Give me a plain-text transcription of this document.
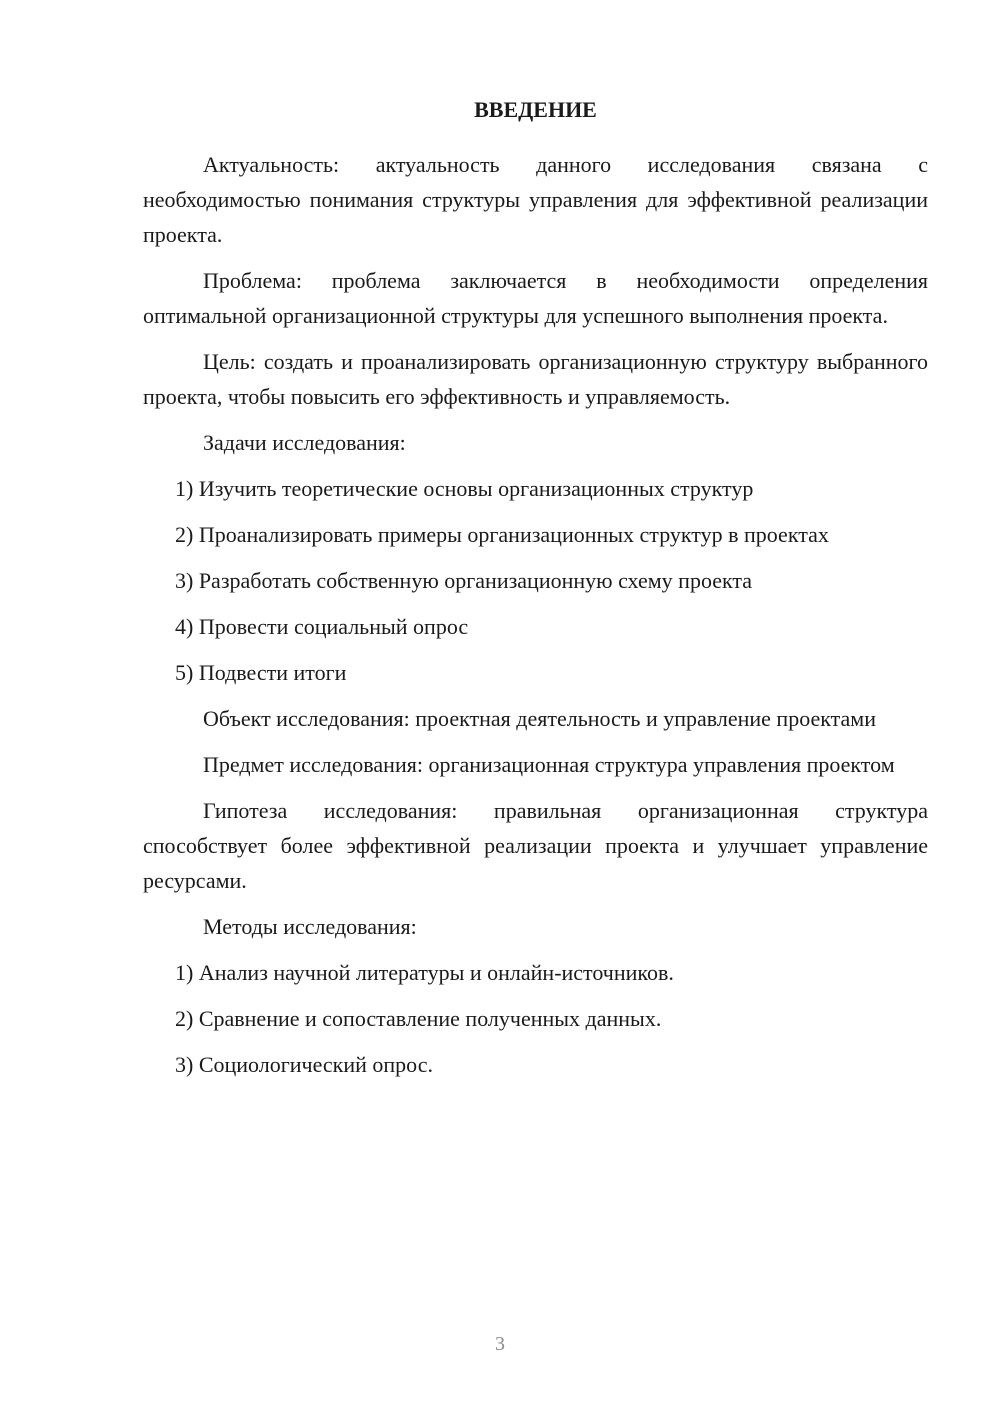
ВВЕДЕНИЕ
Актуальность: актуальность данного исследования связана с необходимостью понимания структуры управления для эффективной реализации проекта.
Проблема: проблема заключается в необходимости определения оптимальной организационной структуры для успешного выполнения проекта.
Цель: создать и проанализировать организационную структуру выбранного проекта, чтобы повысить его эффективность и управляемость.
Задачи исследования:
1) Изучить теоретические основы организационных структур
2) Проанализировать примеры организационных структур в проектах
3) Разработать собственную организационную схему проекта
4) Провести социальный опрос
5) Подвести итоги
Объект исследования: проектная деятельность и управление проектами
Предмет исследования: организационная структура управления проектом
Гипотеза исследования: правильная организационная структура способствует более эффективной реализации проекта и улучшает управление ресурсами.
Методы исследования:
1) Анализ научной литературы и онлайн-источников.
2) Сравнение и сопоставление полученных данных.
3) Социологический опрос.
3
